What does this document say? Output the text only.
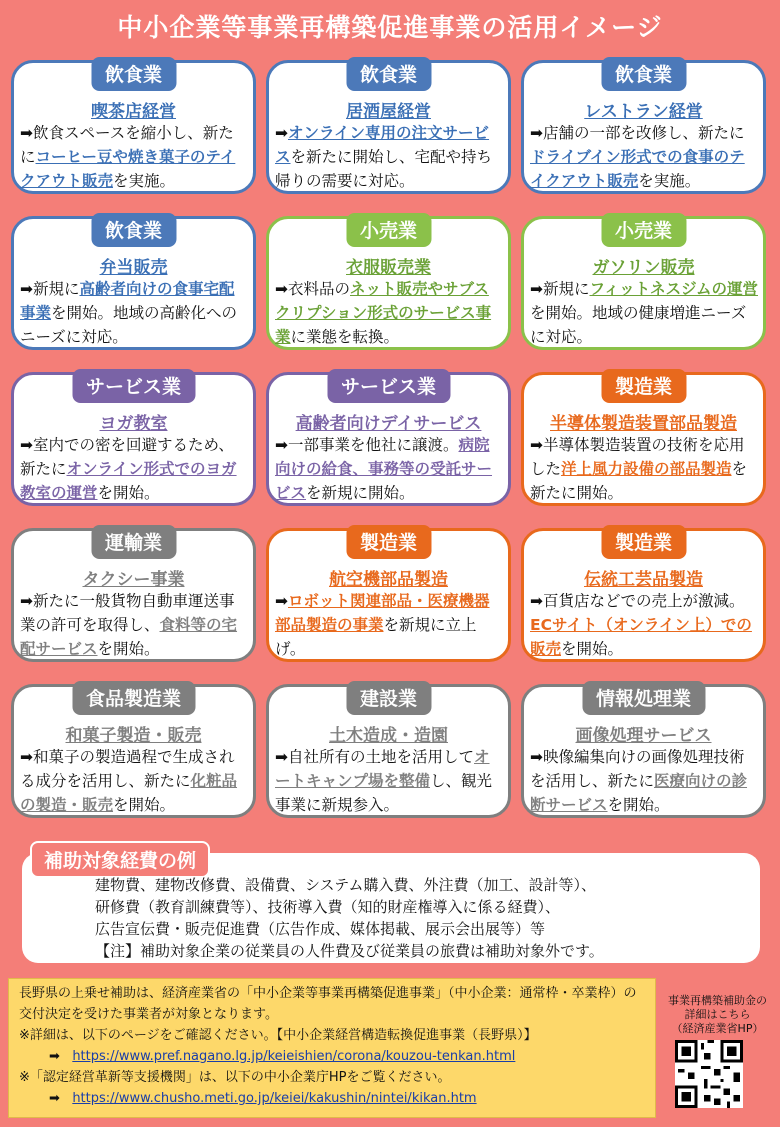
中小企業等事業再構築促進事業の活用イメージ
飲食業
喫茶店経営
➡飲食スペースを縮小し、新たにコーヒー豆や焼き菓子のテイクアウト販売を実施。
飲食業
居酒屋経営
➡オンライン専用の注文サービスを新たに開始し、宅配や持ち帰りの需要に対応。
飲食業
レストラン経営
➡店舗の一部を改修し、新たにドライブイン形式での食事のテイクアウト販売を実施。
飲食業
弁当販売
➡新規に高齢者向けの食事宅配事業を開始。地域の高齢化へのニーズに対応。
小売業
衣服販売業
➡衣料品のネット販売やサブスクリプション形式のサービス事業に業態を転換。
小売業
ガソリン販売
➡新規にフィットネスジムの運営を開始。地域の健康増進ニーズに対応。
サービス業
ヨガ教室
➡室内での密を回避するため、新たにオンライン形式でのヨガ教室の運営を開始。
サービス業
高齢者向けデイサービス
➡一部事業を他社に譲渡。病院向けの給食、事務等の受託サービスを新規に開始。
製造業
半導体製造装置部品製造
➡半導体製造装置の技術を応用した洋上風力設備の部品製造を新たに開始。
運輸業
タクシー事業
➡新たに一般貨物自動車運送事業の許可を取得し、食料等の宅配サービスを開始。
製造業
航空機部品製造
➡ロボット関連部品・医療機器部品製造の事業を新規に立上げ。
製造業
伝統工芸品製造
➡百貨店などでの売上が激減。ECサイト（オンライン上）での販売を開始。
食品製造業
和菓子製造・販売
➡和菓子の製造過程で生成される成分を活用し、新たに化粧品の製造・販売を開始。
建設業
土木造成・造園
➡自社所有の土地を活用してオートキャンプ場を整備し、観光事業に新規参入。
情報処理業
画像処理サービス
➡映像編集向けの画像処理技術を活用し、新たに医療向けの診断サービスを開始。
補助対象経費の例
建物費、建物改修費、設備費、システム購入費、外注費（加工、設計等）、
研修費（教育訓練費等）、技術導入費（知的財産権導入に係る経費）、
広告宣伝費・販売促進費（広告作成、媒体掲載、展示会出展等）等
【注】補助対象企業の従業員の人件費及び従業員の旅費は補助対象外です。
長野県の上乗せ補助は、経済産業省の「中小企業等事業再構築促進事業」（中小企業：通常枠・卒業枠）の交付決定を受けた事業者が対象となります。
※詳細は、以下のページをご確認ください。【中小企業経営構造転換促進事業（長野県）】
➡ https://www.pref.nagano.lg.jp/keieishien/corona/kouzou-tenkan.html
※「認定経営革新等支援機関」は、以下の中小企業庁HPをご覧ください。
➡ https://www.chusho.meti.go.jp/keiei/kakushin/nintei/kikan.htm
事業再構築補助金の
詳細はこちら
（経済産業省HP）
